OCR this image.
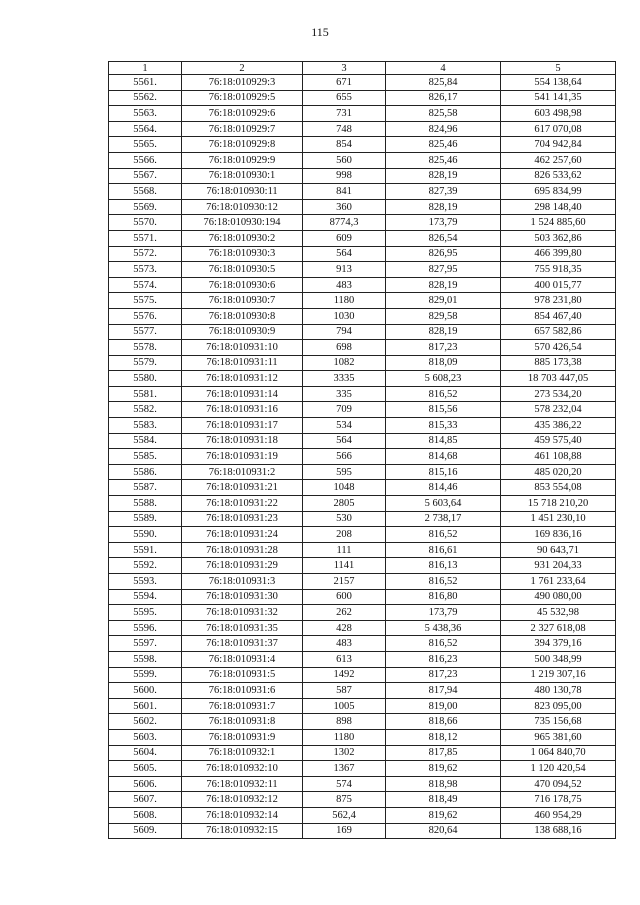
115
1	2	3	4	5
5561.	76:18:010929:3	671	825,84	554 138,64
5562.	76:18:010929:5	655	826,17	541 141,35
5563.	76:18:010929:6	731	825,58	603 498,98
5564.	76:18:010929:7	748	824,96	617 070,08
5565.	76:18:010929:8	854	825,46	704 942,84
5566.	76:18:010929:9	560	825,46	462 257,60
5567.	76:18:010930:1	998	828,19	826 533,62
5568.	76:18:010930:11	841	827,39	695 834,99
5569.	76:18:010930:12	360	828,19	298 148,40
5570.	76:18:010930:194	8774,3	173,79	1 524 885,60
5571.	76:18:010930:2	609	826,54	503 362,86
5572.	76:18:010930:3	564	826,95	466 399,80
5573.	76:18:010930:5	913	827,95	755 918,35
5574.	76:18:010930:6	483	828,19	400 015,77
5575.	76:18:010930:7	1180	829,01	978 231,80
5576.	76:18:010930:8	1030	829,58	854 467,40
5577.	76:18:010930:9	794	828,19	657 582,86
5578.	76:18:010931:10	698	817,23	570 426,54
5579.	76:18:010931:11	1082	818,09	885 173,38
5580.	76:18:010931:12	3335	5 608,23	18 703 447,05
5581.	76:18:010931:14	335	816,52	273 534,20
5582.	76:18:010931:16	709	815,56	578 232,04
5583.	76:18:010931:17	534	815,33	435 386,22
5584.	76:18:010931:18	564	814,85	459 575,40
5585.	76:18:010931:19	566	814,68	461 108,88
5586.	76:18:010931:2	595	815,16	485 020,20
5587.	76:18:010931:21	1048	814,46	853 554,08
5588.	76:18:010931:22	2805	5 603,64	15 718 210,20
5589.	76:18:010931:23	530	2 738,17	1 451 230,10
5590.	76:18:010931:24	208	816,52	169 836,16
5591.	76:18:010931:28	111	816,61	90 643,71
5592.	76:18:010931:29	1141	816,13	931 204,33
5593.	76:18:010931:3	2157	816,52	1 761 233,64
5594.	76:18:010931:30	600	816,80	490 080,00
5595.	76:18:010931:32	262	173,79	45 532,98
5596.	76:18:010931:35	428	5 438,36	2 327 618,08
5597.	76:18:010931:37	483	816,52	394 379,16
5598.	76:18:010931:4	613	816,23	500 348,99
5599.	76:18:010931:5	1492	817,23	1 219 307,16
5600.	76:18:010931:6	587	817,94	480 130,78
5601.	76:18:010931:7	1005	819,00	823 095,00
5602.	76:18:010931:8	898	818,66	735 156,68
5603.	76:18:010931:9	1180	818,12	965 381,60
5604.	76:18:010932:1	1302	817,85	1 064 840,70
5605.	76:18:010932:10	1367	819,62	1 120 420,54
5606.	76:18:010932:11	574	818,98	470 094,52
5607.	76:18:010932:12	875	818,49	716 178,75
5608.	76:18:010932:14	562,4	819,62	460 954,29
5609.	76:18:010932:15	169	820,64	138 688,16
